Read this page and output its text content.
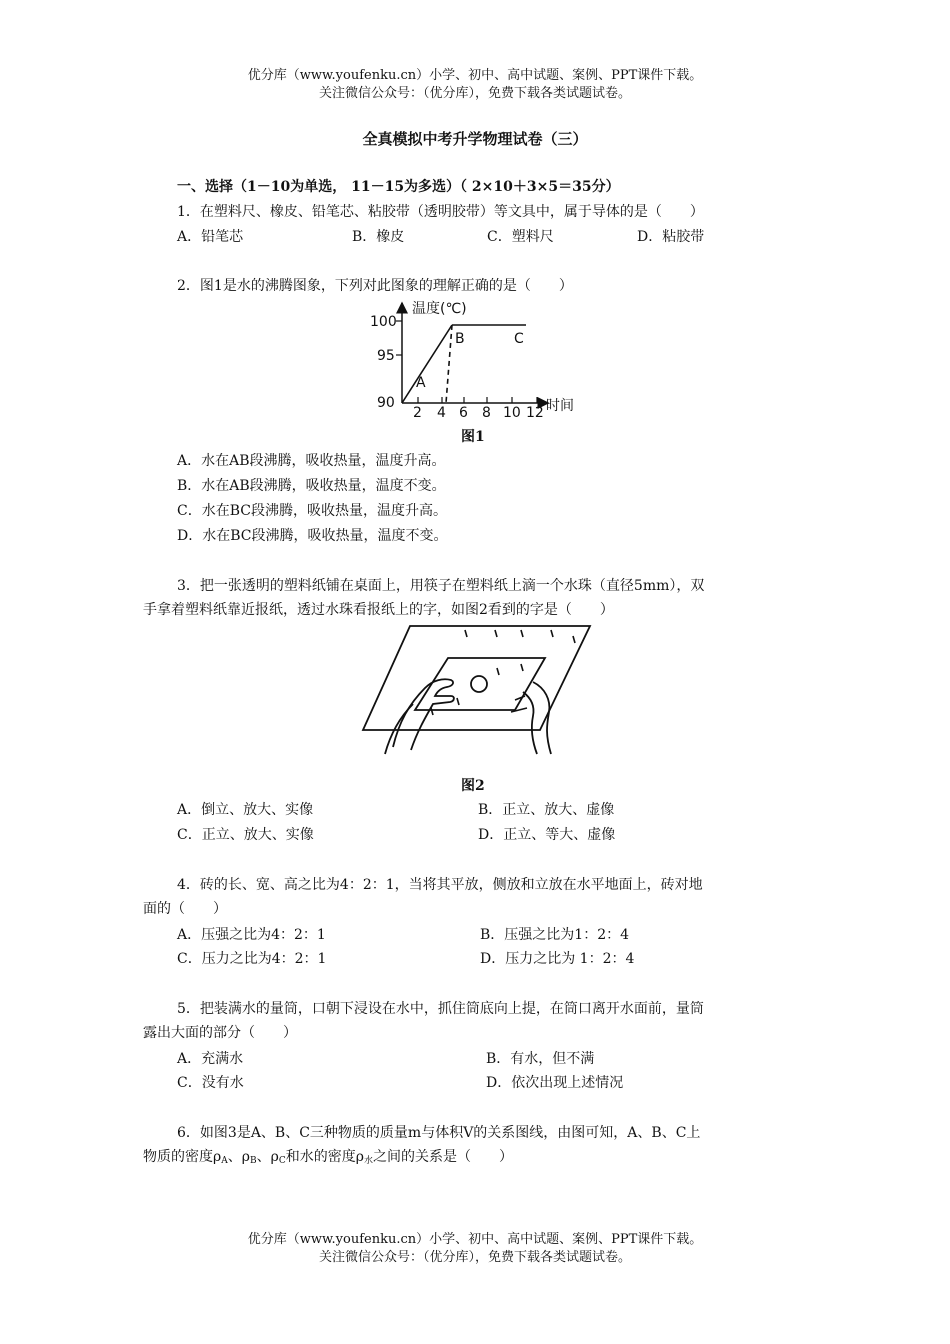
优分库（www.youfenku.cn）小学、初中、高中试题、案例、PPT课件下载。
关注微信公众号：（优分库），免费下载各类试题试卷。
全真模拟中考升学物理试卷（三）
一、选择（1－10为单选， 11－15为多选）（ 2×10＋3×5＝35分）
1．在塑料尺、橡皮、铅笔芯、粘胶带（透明胶带）等文具中，属于导体的是（　　）
A．铅笔芯	B．橡皮	C．塑料尺	D．粘胶带
2．图1是水的沸腾图象，下列对此图象的理解正确的是（　　）
温度(℃)
100
95
90
2 4 6 8 10 12 时间
A
B	C
图1
A．水在AB段沸腾，吸收热量，温度升高。
B．水在AB段沸腾，吸收热量，温度不变。
C．水在BC段沸腾，吸收热量，温度升高。
D．水在BC段沸腾，吸收热量，温度不变。
3．把一张透明的塑料纸铺在桌面上，用筷子在塑料纸上滴一个水珠（直径5mm），双
手拿着塑料纸靠近报纸，透过水珠看报纸上的字，如图2看到的字是（　　）
图2
A．倒立、放大、实像	B．正立、放大、虚像
C．正立、放大、实像	D．正立、等大、虚像
4．砖的长、宽、高之比为4：2：1，当将其平放，侧放和立放在水平地面上，砖对地
面的（　　）
A．压强之比为4：2：1	B．压强之比为1：2：4
C．压力之比为4：2：1	D．压力之比为 1：2：4
5．把装满水的量筒，口朝下浸设在水中，抓住筒底向上提，在筒口离开水面前，量筒
露出大面的部分（　　）
A．充满水	B．有水，但不满
C．没有水	D．依次出现上述情况
6．如图3是A、B、C三种物质的质量m与体积V的关系图线，由图可知，A、B、C上
物质的密度$\rho_A$、$\rho_B$、$\rho_C$和水的密度$\rho_水$之间的关系是（　　）
优分库（www.youfenku.cn）小学、初中、高中试题、案例、PPT课件下载。
关注微信公众号：（优分库），免费下载各类试题试卷。
